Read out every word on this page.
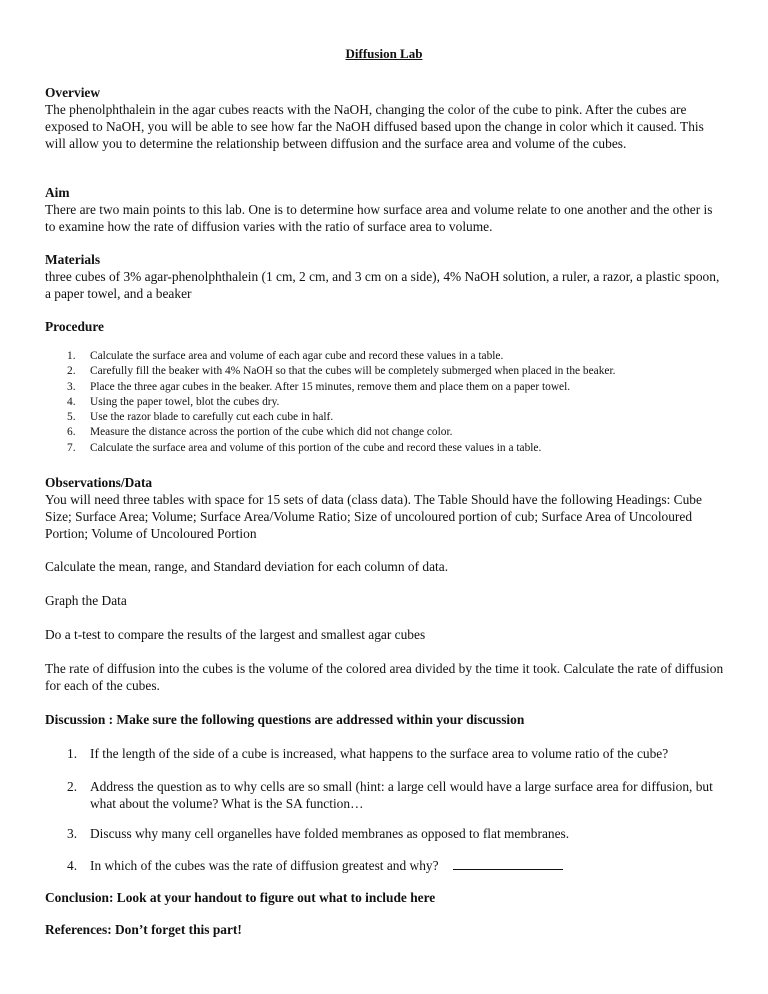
Diffusion Lab
Overview

The phenolphthalein in the agar cubes reacts with the NaOH, changing the color of the cube to pink. After the cubes are exposed to NaOH, you will be able to see how far the NaOH diffused based upon the change in color which it caused. This will allow you to determine the relationship between diffusion and the surface area and volume of the cubes.

Aim

There are two main points to this lab. One is to determine how surface area and volume relate to one another and the other is to examine how the rate of diffusion varies with the ratio of surface area to volume.

Materials

three cubes of 3% agar-phenolphthalein (1 cm, 2 cm, and 3 cm on a side), 4% NaOH solution, a ruler, a razor, a plastic spoon, a paper towel, and a beaker

Procedure
1.	Calculate the surface area and volume of each agar cube and record these values in a table.
2.	Carefully fill the beaker with 4% NaOH so that the cubes will be completely submerged when placed in the beaker.
3.	Place the three agar cubes in the beaker. After 15 minutes, remove them and place them on a paper towel.
4.	Using the paper towel, blot the cubes dry.
5.	Use the razor blade to carefully cut each cube in half.
6.	Measure the distance across the portion of the cube which did not change color.
7.	Calculate the surface area and volume of this portion of the cube and record these values in a table.
Observations/Data

You will need three tables with space for 15 sets of data (class data). The Table Should have the following Headings: Cube Size; Surface Area; Volume; Surface Area/Volume Ratio; Size of uncoloured portion of cub; Surface Area of Uncoloured Portion; Volume of Uncoloured Portion

Calculate the mean, range, and Standard deviation for each column of data.
Graph the Data
Do a t-test to compare the results of the largest and smallest agar cubes
The rate of diffusion into the cubes is the volume of the colored area divided by the time it took. Calculate the rate of diffusion for each of the cubes.
Discussion : Make sure the following questions are addressed within your discussion
1. If the length of the side of a cube is increased, what happens to the surface area to volume ratio of the cube?
2. Address the question as to why cells are so small (hint: a large cell would have a large surface area for diffusion, but what about the volume? What is the SA function…
3. Discuss why many cell organelles have folded membranes as opposed to flat membranes.
4. In which of the cubes was the rate of diffusion greatest and why?
Conclusion: Look at your handout to figure out what to include here
References: Don’t forget this part!
